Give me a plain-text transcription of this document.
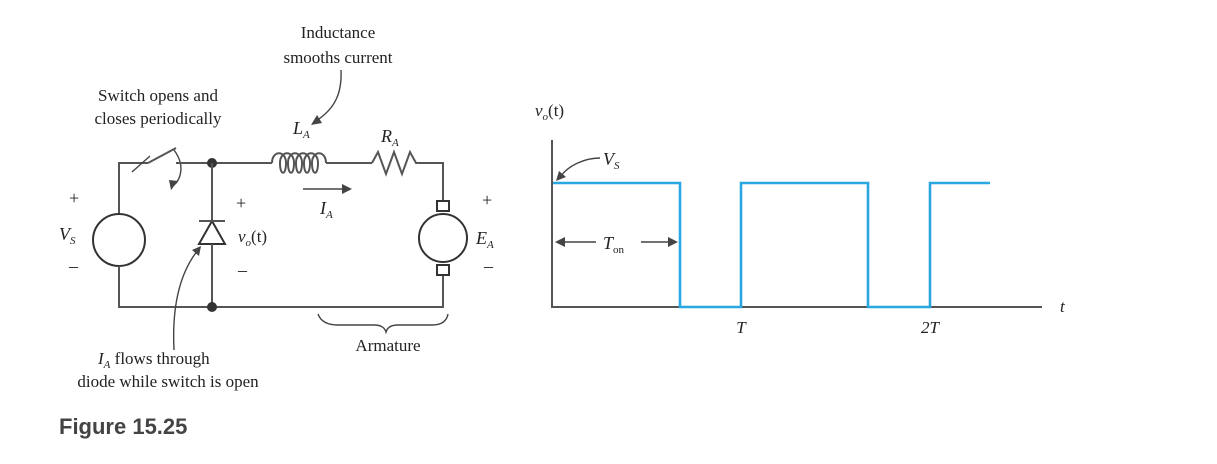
Inductance
smooths current
Switch opens and
closes periodically	$L_A$	$R_A$
$I_A$
+
–
$V_S$
+
$v_o(t)$
–
+
$E_A$
–
Armature
$I_A$ flows through
diode while switch is open
$v_o(t)$
t
$V_S$
$T_{on}$
T	2T
Figure 15.25
